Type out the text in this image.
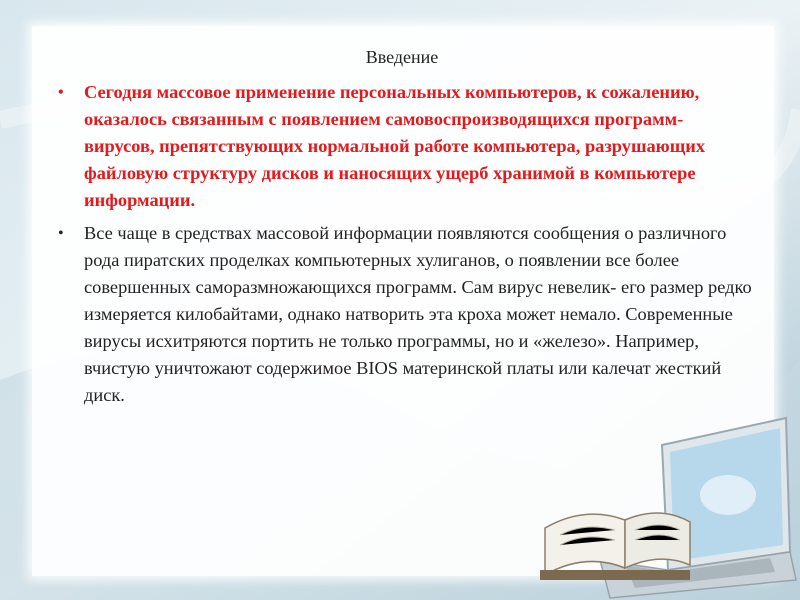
Введение
• Сегодня массовое применение персональных компьютеров, к сожалению, оказалось связанным с появлением самовоспроизводящихся программ-вирусов, препятствующих нормальной работе компьютера, разрушающих файловую структуру дисков и наносящих ущерб хранимой в компьютере информации.
• Все чаще в средствах массовой информации появляются сообщения о различного рода пиратских проделках компьютерных хулиганов, о появлении все более совершенных саморазмножающихся программ. Сам вирус невелик- его размер редко измеряется килобайтами, однако натворить эта кроха может немало. Современные вирусы исхитряются портить не только программы, но и «железо». Например, вчистую уничтожают содержимое BIOS материнской платы или калечат жесткий диск.
